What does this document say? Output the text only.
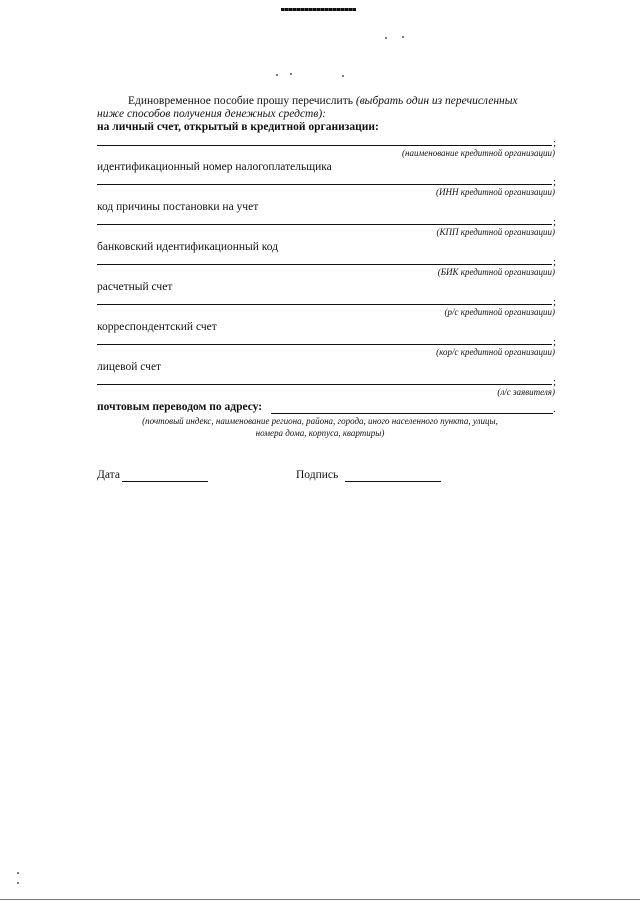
Единовременное пособие прошу перечислить (выбрать один из перечисленных
ниже способов получения денежных средств):
на личный счет, открытый в кредитной организации:
;
(наименование кредитной организации)
идентификационный номер налогоплательщика
;
(ИНН кредитной организации)
код причины постановки на учет
;
(КПП кредитной организации)
банковский идентификационный код
;
(БИК кредитной организации)
расчетный счет
;
(р/с кредитной организации)
корреспондентский счет
;
(кор/с кредитной организации)
лицевой счет
;
(л/с заявителя)
почтовым переводом по адресу:	.
(почтовый индекс, наименование региона, района, города, иного населенного пункта, улицы,
номера дома, корпуса, квартиры)
Дата	Подпись
